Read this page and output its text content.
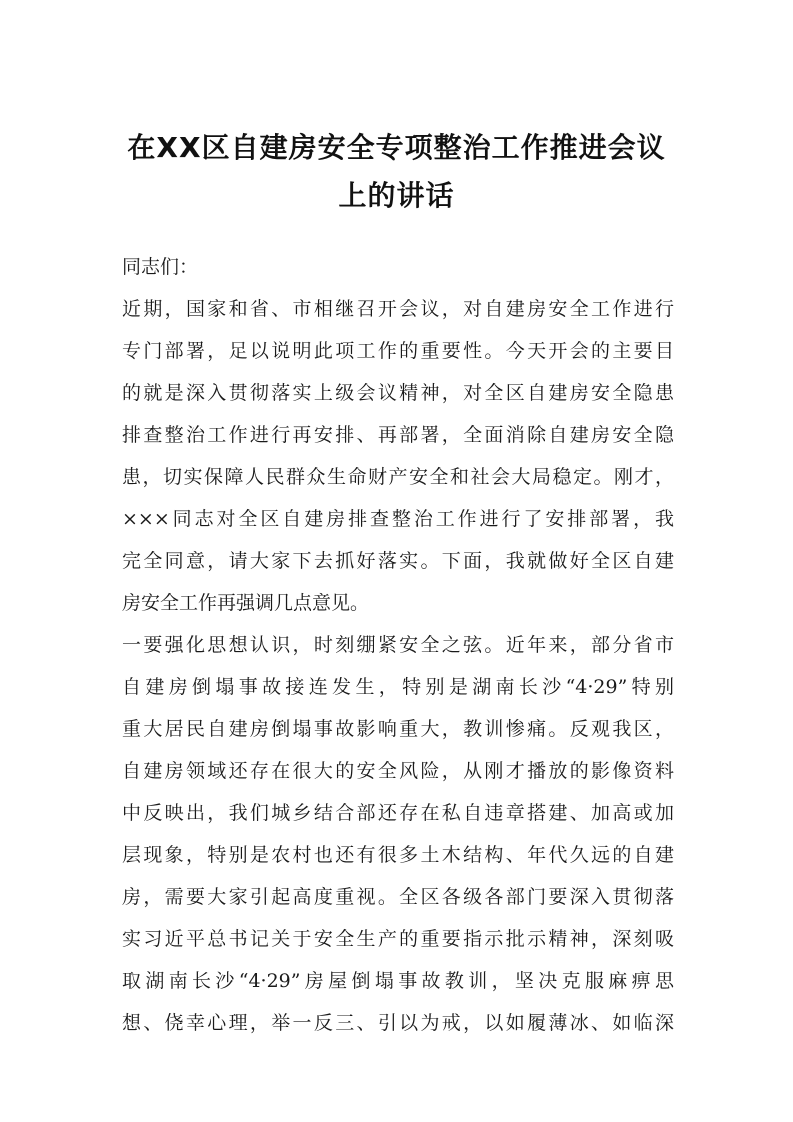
在XX区自建房安全专项整治工作推进会议
上的讲话
同志们：
近期，国家和省、市相继召开会议，对自建房安全工作进行
专门部署，足以说明此项工作的重要性。今天开会的主要目
的就是深入贯彻落实上级会议精神，对全区自建房安全隐患
排查整治工作进行再安排、再部署，全面消除自建房安全隐
患，切实保障人民群众生命财产安全和社会大局稳定。刚才，
×××同志对全区自建房排查整治工作进行了安排部署，我
完全同意，请大家下去抓好落实。下面，我就做好全区自建
房安全工作再强调几点意见。
一要强化思想认识，时刻绷紧安全之弦。近年来，部分省市
自建房倒塌事故接连发生，特别是湖南长沙“4·29”特别
重大居民自建房倒塌事故影响重大，教训惨痛。反观我区，
自建房领域还存在很大的安全风险，从刚才播放的影像资料
中反映出，我们城乡结合部还存在私自违章搭建、加高或加
层现象，特别是农村也还有很多土木结构、年代久远的自建
房，需要大家引起高度重视。全区各级各部门要深入贯彻落
实习近平总书记关于安全生产的重要指示批示精神，深刻吸
取湖南长沙“4·29”房屋倒塌事故教训，坚决克服麻痹思
想、侥幸心理，举一反三、引以为戒，以如履薄冰、如临深
